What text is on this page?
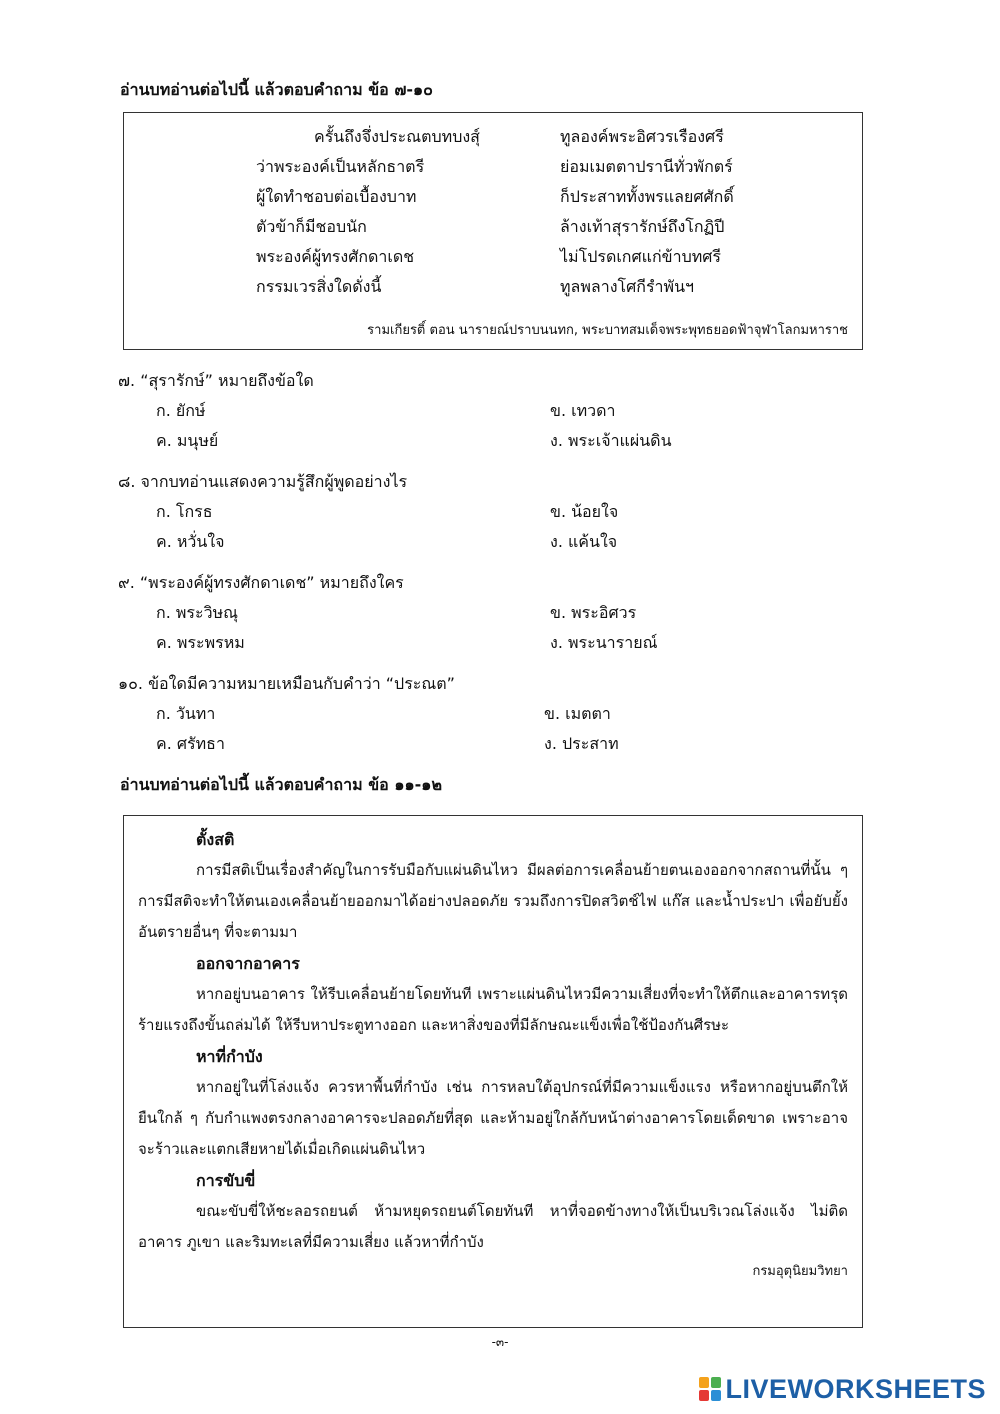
อ่านบทอ่านต่อไปนี้ แล้วตอบคำถาม ข้อ ๗-๑๐
ครั้นถึงจึ่งประณตบทบงสุ์	ทูลองค์พระอิศวรเรืองศรี
ว่าพระองค์เป็นหลักธาตรี	ย่อมเมตตาปรานีทั่วพักตร์
ผู้ใดทำชอบต่อเบื้องบาท	ก็ประสาททั้งพรแลยศศักดิ์
ตัวข้าก็มีชอบนัก	ล้างเท้าสุรารักษ์ถึงโกฏิปี
พระองค์ผู้ทรงศักดาเดช	ไม่โปรดเกศแก่ข้าบทศรี
กรรมเวรสิ่งใดดั่งนี้	ทูลพลางโศกีรำพันฯ
รามเกียรติ์ ตอน นารายณ์ปราบนนทก, พระบาทสมเด็จพระพุทธยอดฟ้าจุฬาโลกมหาราช
๗. “สุรารักษ์” หมายถึงข้อใด
ก. ยักษ์	ข. เทวดา
ค. มนุษย์	ง. พระเจ้าแผ่นดิน
๘. จากบทอ่านแสดงความรู้สึกผู้พูดอย่างไร
ก. โกรธ	ข. น้อยใจ
ค. หวั่นใจ	ง. แค้นใจ
๙. “พระองค์ผู้ทรงศักดาเดช” หมายถึงใคร
ก. พระวิษณุ	ข. พระอิศวร
ค. พระพรหม	ง. พระนารายณ์
๑๐. ข้อใดมีความหมายเหมือนกับคำว่า “ประณต”
ก. วันทา	ข. เมตตา
ค. ศรัทธา	ง. ประสาท
อ่านบทอ่านต่อไปนี้ แล้วตอบคำถาม ข้อ ๑๑-๑๒
ตั้งสติ

การมีสติเป็นเรื่องสำคัญในการรับมือกับแผ่นดินไหว มีผลต่อการเคลื่อนย้ายตนเองออกจากสถานที่นั้น ๆ การมีสติจะทำให้ตนเองเคลื่อนย้ายออกมาได้อย่างปลอดภัย รวมถึงการปิดสวิตช์ไฟ แก๊ส และน้ำประปา เพื่อยับยั้งอันตรายอื่นๆ ที่จะตามมา

ออกจากอาคาร

หากอยู่บนอาคาร ให้รีบเคลื่อนย้ายโดยทันที เพราะแผ่นดินไหวมีความเสี่ยงที่จะทำให้ตึกและอาคารทรุด ร้ายแรงถึงขั้นถล่มได้ ให้รีบหาประตูทางออก และหาสิ่งของที่มีลักษณะแข็งเพื่อใช้ป้องกันศีรษะ

หาที่กำบัง

หากอยู่ในที่โล่งแจ้ง ควรหาพื้นที่กำบัง เช่น การหลบใต้อุปกรณ์ที่มีความแข็งแรง หรือหากอยู่บนตึกให้ยืนใกล้ ๆ กับกำแพงตรงกลางอาคารจะปลอดภัยที่สุด และห้ามอยู่ใกล้กับหน้าต่างอาคารโดยเด็ดขาด เพราะอาจจะร้าวและแตกเสียหายได้เมื่อเกิดแผ่นดินไหว

การขับขี่

ขณะขับขี่ให้ชะลอรถยนต์ ห้ามหยุดรถยนต์โดยทันที หาที่จอดข้างทางให้เป็นบริเวณโล่งแจ้ง ไม่ติดอาคาร ภูเขา และริมทะเลที่มีความเสี่ยง แล้วหาที่กำบัง

กรมอุตุนิยมวิทยา
-๓-
LIVEWORKSHEETS
